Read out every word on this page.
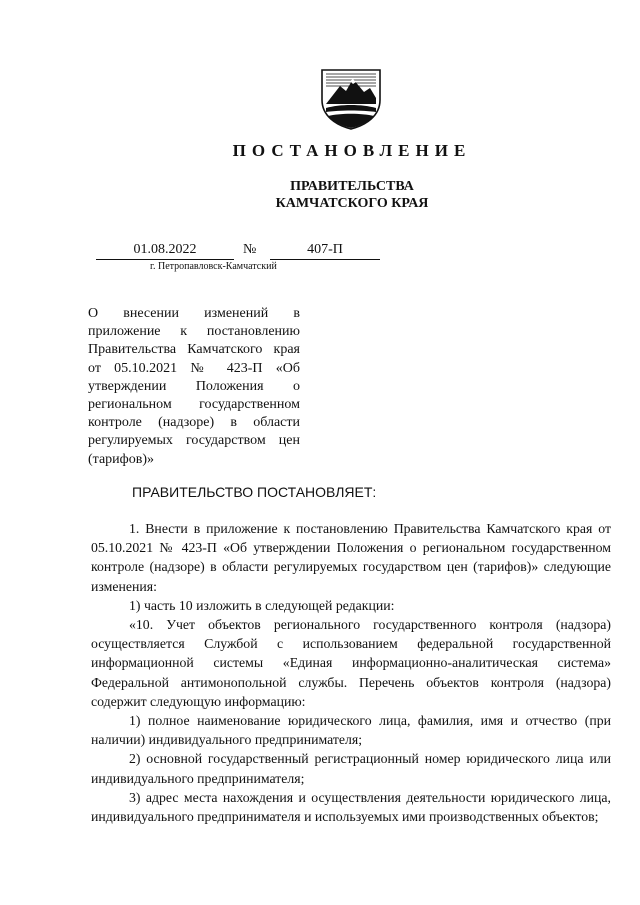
ПОСТАНОВЛЕНИЕ
ПРАВИТЕЛЬСТВА
КАМЧАТСКОГО КРАЯ
01.08.2022	№	407-П
г. Петропавловск-Камчатский
О внесении изменений в приложение к постановлению Правительства Камчатского края от 05.10.2021 № 423-П «Об утверждении Положения о региональном государственном контроле (надзоре) в области регулируемых государством цен (тарифов)»
ПРАВИТЕЛЬСТВО ПОСТАНОВЛЯЕТ:

1. Внести в приложение к постановлению Правительства Камчатского края от 05.10.2021 № 423-П «Об утверждении Положения о региональном государственном контроле (надзоре) в области регулируемых государством цен (тарифов)» следующие изменения:

1) часть 10 изложить в следующей редакции:

«10. Учет объектов регионального государственного контроля (надзора) осуществляется Службой с использованием федеральной государственной информационной системы «Единая информационно-аналитическая система» Федеральной антимонопольной службы. Перечень объектов контроля (надзора) содержит следующую информацию:

1) полное наименование юридического лица, фамилия, имя и отчество (при наличии) индивидуального предпринимателя;

2) основной государственный регистрационный номер юридического лица или индивидуального предпринимателя;

3) адрес места нахождения и осуществления деятельности юридического лица, индивидуального предпринимателя и используемых ими производственных объектов;
